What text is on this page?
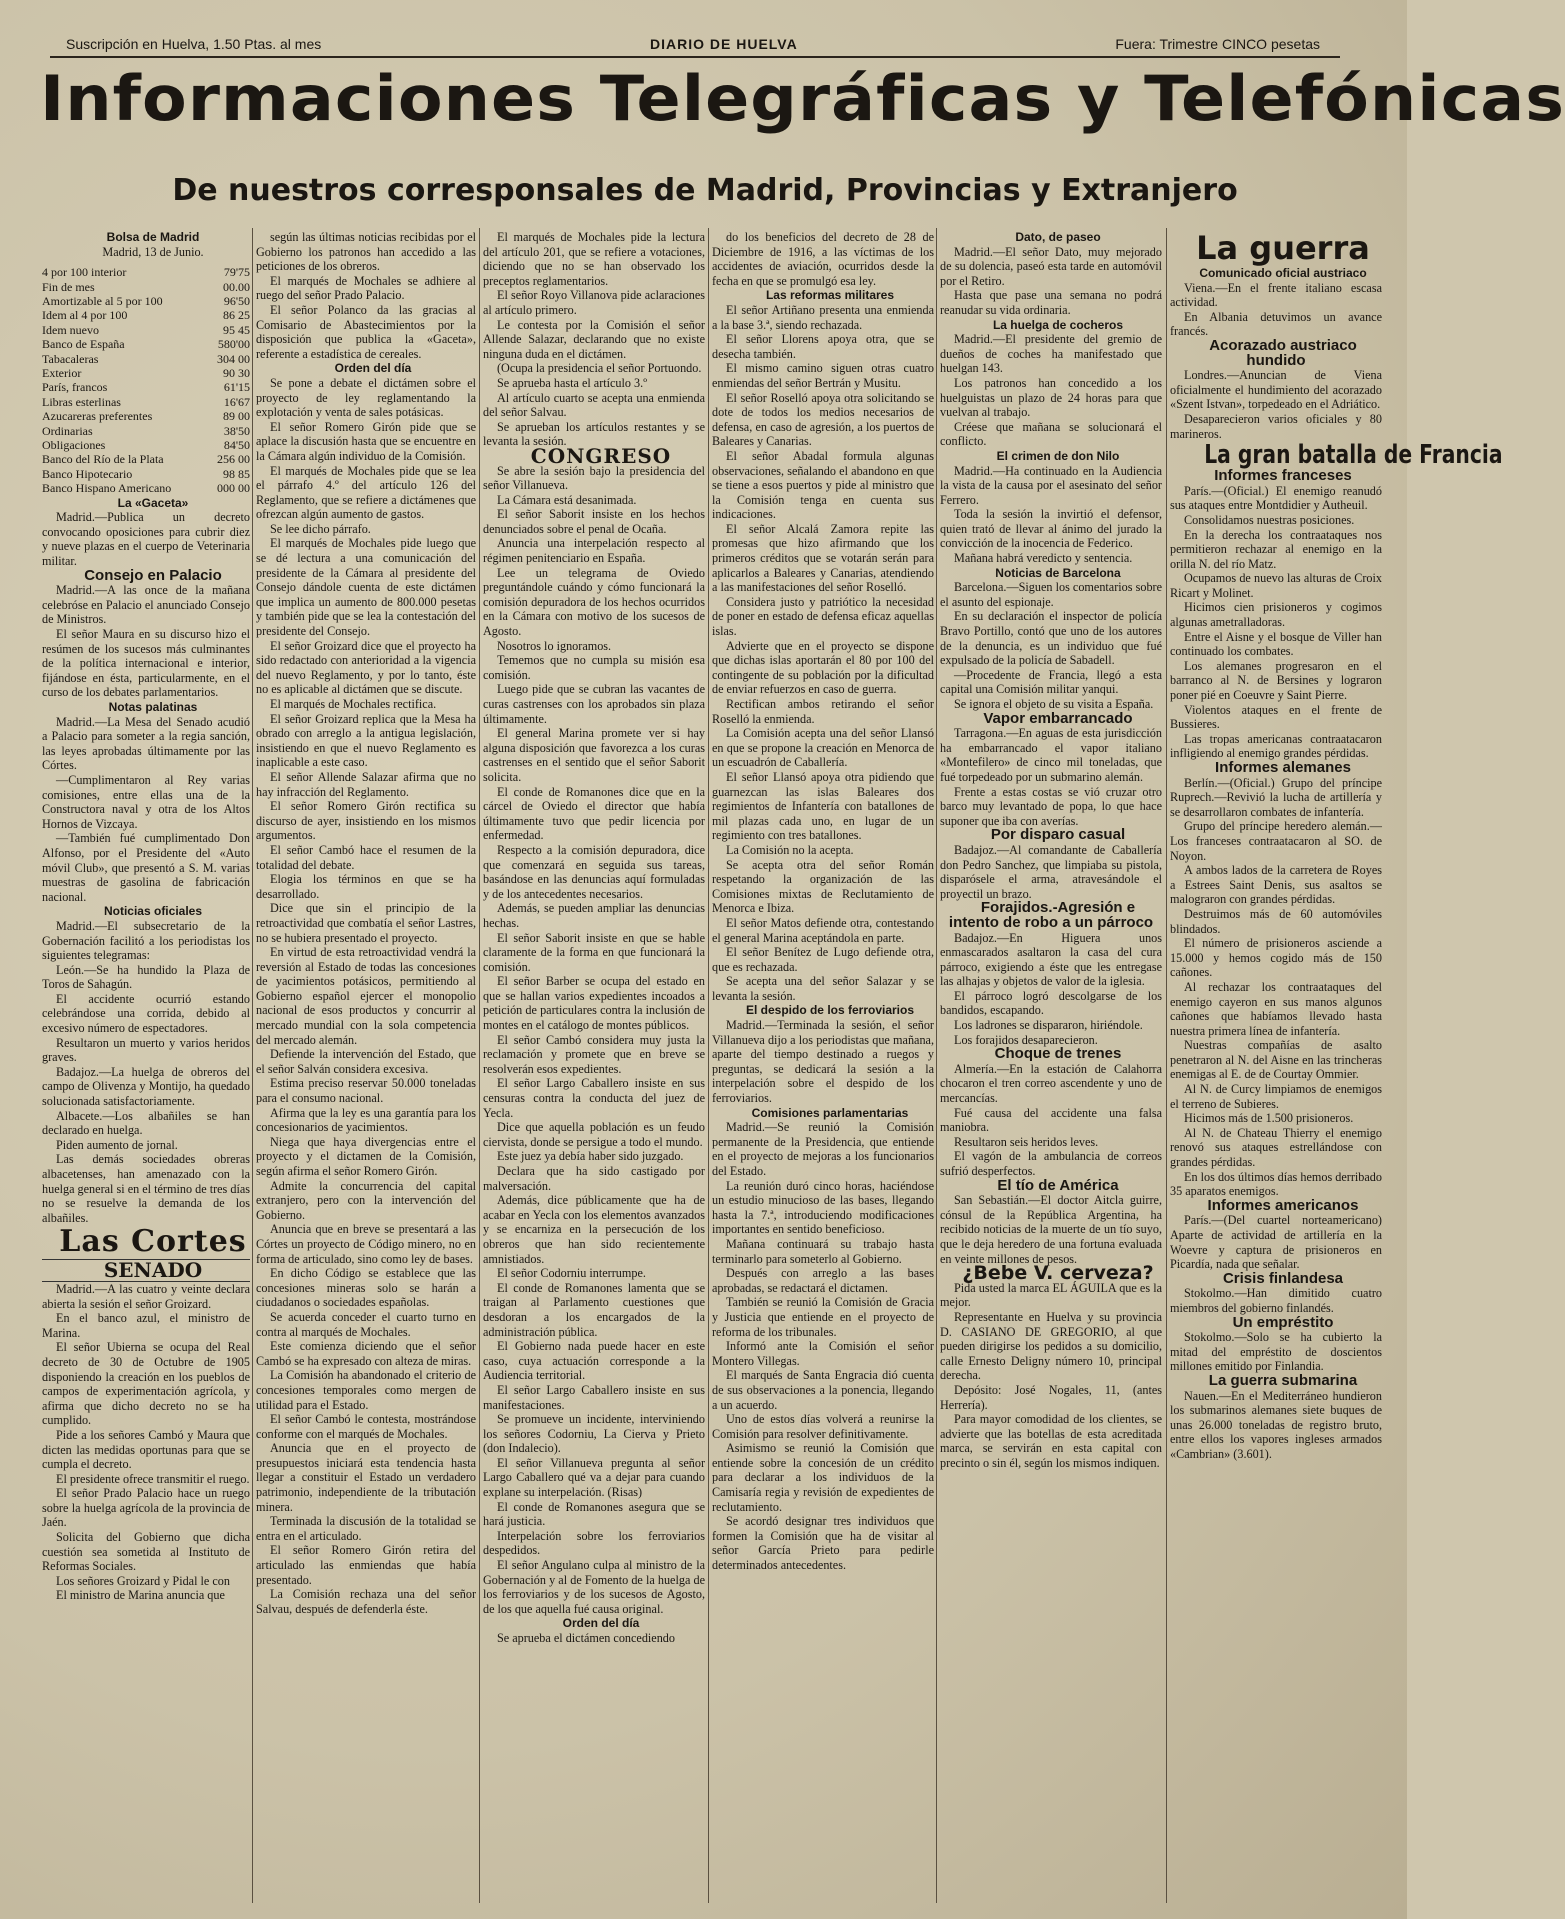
Suscripción en Huelva, 1.50 Ptas. al mes	DIARIO DE HUELVA	Fuera: Trimestre CINCO pesetas
Informaciones Telegráficas y Telefónicas
De nuestros corresponsales de Madrid, Provincias y Extranjero

Bolsa de Madrid

Madrid, 13 de Junio.

4 por 100 interior	79'75
Fin de mes	00.00
Amortizable al 5 por 100	96'50
Idem al 4 por 100	86 25
Idem nuevo	95 45
Banco de España	580'00
Tabacaleras	304 00
Exterior	90 30
París, francos	61'15
Libras esterlinas	16'67
Azucareras preferentes	89 00
Ordinarias	38'50
Obligaciones	84'50
Banco del Río de la Plata	256 00
Banco Hipotecario	98 85
Banco Hispano Americano	000 00

La «Gaceta»

Madrid.—Publica un decreto convocando oposiciones para cubrir diez y nueve plazas en el cuerpo de Veterinaria militar.

Consejo en Palacio

Madrid.—A las once de la mañana celebróse en Palacio el anunciado Consejo de Ministros.

El señor Maura en su discurso hizo el resúmen de los sucesos más culminantes de la política internacional e interior, fijándose en ésta, particularmente, en el curso de los debates parlamentarios.

Notas palatinas

Madrid.—La Mesa del Senado acudió a Palacio para someter a la regia sanción, las leyes aprobadas últimamente por las Córtes.

—Cumplimentaron al Rey varias comisiones, entre ellas una de la Constructora naval y otra de los Altos Hornos de Vizcaya.

—También fué cumplimentado Don Alfonso, por el Presidente del «Auto móvil Club», que presentó a S. M. varias muestras de gasolina de fabricación nacional.

Noticias oficiales

Madrid.—El subsecretario de la Gobernación facilitó a los periodistas los siguientes telegramas:

León.—Se ha hundido la Plaza de Toros de Sahagún.

El accidente ocurrió estando celebrándose una corrida, debido al excesivo número de espectadores.

Resultaron un muerto y varios heridos graves.

Badajoz.—La huelga de obreros del campo de Olivenza y Montijo, ha quedado solucionada satisfactoriamente.

Albacete.—Los albañiles se han declarado en huelga.

Piden aumento de jornal.

Las demás sociedades obreras albacetenses, han amenazado con la huelga general si en el término de tres días no se resuelve la demanda de los albañiles.

Las Cortes

SENADO

Madrid.—A las cuatro y veinte declara abierta la sesión el señor Groizard.

En el banco azul, el ministro de Marina.

El señor Ubierna se ocupa del Real decreto de 30 de Octubre de 1905 disponiendo la creación en los pueblos de campos de experimentación agrícola, y afirma que dicho decreto no se ha cumplido.

Pide a los señores Cambó y Maura que dicten las medidas oportunas para que se cumpla el decreto.

El presidente ofrece transmitir el ruego.

El señor Prado Palacio hace un ruego sobre la huelga agrícola de la provincia de Jaén.

Solicita del Gobierno que dicha cuestión sea sometida al Instituto de Reformas Sociales.

Los señores Groizard y Pidal le con

El ministro de Marina anuncia que

según las últimas noticias recibidas por el Gobierno los patronos han accedido a las peticiones de los obreros.

El marqués de Mochales se adhiere al ruego del señor Prado Palacio.

El señor Polanco da las gracias al Comisario de Abastecimientos por la disposición que publica la «Gaceta», referente a estadística de cereales.

Orden del día

Se pone a debate el dictámen sobre el proyecto de ley reglamentando la explotación y venta de sales potásicas.

El señor Romero Girón pide que se aplace la discusión hasta que se encuentre en la Cámara algún individuo de la Comisión.

El marqués de Mochales pide que se lea el párrafo 4.º del artículo 126 del Reglamento, que se refiere a dictámenes que ofrezcan algún aumento de gastos.

Se lee dicho párrafo.

El marqués de Mochales pide luego que se dé lectura a una comunicación del presidente de la Cámara al presidente del Consejo dándole cuenta de este dictámen que implica un aumento de 800.000 pesetas y también pide que se lea la contestación del presidente del Consejo.

El señor Groizard dice que el proyecto ha sido redactado con anterioridad a la vigencia del nuevo Reglamento, y por lo tanto, éste no es aplicable al dictámen que se discute.

El marqués de Mochales rectifica.

El señor Groizard replica que la Mesa ha obrado con arreglo a la antigua legislación, insistiendo en que el nuevo Reglamento es inaplicable a este caso.

El señor Allende Salazar afirma que no hay infracción del Reglamento.

El señor Romero Girón rectifica su discurso de ayer, insistiendo en los mismos argumentos.

El señor Cambó hace el resumen de la totalidad del debate.

Elogia los términos en que se ha desarrollado.

Dice que sin el principio de la retroactividad que combatía el señor Lastres, no se hubiera presentado el proyecto.

En virtud de esta retroactividad vendrá la reversión al Estado de todas las concesiones de yacimientos potásicos, permitiendo al Gobierno español ejercer el monopolio nacional de esos productos y concurrir al mercado mundial con la sola competencia del mercado alemán.

Defiende la intervención del Estado, que el señor Salván considera excesiva.

Estima preciso reservar 50.000 toneladas para el consumo nacional.

Afirma que la ley es una garantía para los concesionarios de yacimientos.

Niega que haya divergencias entre el proyecto y el dictamen de la Comisión, según afirma el señor Romero Girón.

Admite la concurrencia del capital extranjero, pero con la intervención del Gobierno.

Anuncia que en breve se presentará a las Córtes un proyecto de Código minero, no en forma de articulado, sino como ley de bases.

En dicho Código se establece que las concesiones mineras solo se harán a ciudadanos o sociedades españolas.

Se acuerda conceder el cuarto turno en contra al marqués de Mochales.

Este comienza diciendo que el señor Cambó se ha expresado con alteza de miras.

La Comisión ha abandonado el criterio de concesiones temporales como mergen de utilidad para el Estado.

El señor Cambó le contesta, mostrándose conforme con el marqués de Mochales.

Anuncia que en el proyecto de presupuestos iniciará esta tendencia hasta llegar a constituir el Estado un verdadero patrimonio, independiente de la tributación minera.

Terminada la discusión de la totalidad se entra en el articulado.

El señor Romero Girón retira del articulado las enmiendas que había presentado.

La Comisión rechaza una del señor Salvau, después de defenderla éste.

El marqués de Mochales pide la lectura del artículo 201, que se refiere a votaciones, diciendo que no se han observado los preceptos reglamentarios.

El señor Royo Villanova pide aclaraciones al artículo primero.

Le contesta por la Comisión el señor Allende Salazar, declarando que no existe ninguna duda en el dictámen.

(Ocupa la presidencia el señor Portuondo.

Se aprueba hasta el artículo 3.º

Al artículo cuarto se acepta una enmienda del señor Salvau.

Se aprueban los artículos restantes y se levanta la sesión.

CONGRESO

Se abre la sesión bajo la presidencia del señor Villanueva.

La Cámara está desanimada.

El señor Saborit insiste en los hechos denunciados sobre el penal de Ocaña.

Anuncia una interpelación respecto al régimen penitenciario en España.

Lee un telegrama de Oviedo preguntándole cuándo y cómo funcionará la comisión depuradora de los hechos ocurridos en la Cámara con motivo de los sucesos de Agosto.

Nosotros lo ignoramos.

Tememos que no cumpla su misión esa comisión.

Luego pide que se cubran las vacantes de curas castrenses con los aprobados sin plaza últimamente.

El general Marina promete ver si hay alguna disposición que favorezca a los curas castrenses en el sentido que el señor Saborit solicita.

El conde de Romanones dice que en la cárcel de Oviedo el director que había últimamente tuvo que pedir licencia por enfermedad.

Respecto a la comisión depuradora, dice que comenzará en seguida sus tareas, basándose en las denuncias aquí formuladas y de los antecedentes necesarios.

Además, se pueden ampliar las denuncias hechas.

El señor Saborit insiste en que se hable claramente de la forma en que funcionará la comisión.

El señor Barber se ocupa del estado en que se hallan varios expedientes incoados a petición de particulares contra la inclusión de montes en el catálogo de montes públicos.

El señor Cambó considera muy justa la reclamación y promete que en breve se resolverán esos expedientes.

El señor Largo Caballero insiste en sus censuras contra la conducta del juez de Yecla.

Dice que aquella población es un feudo ciervista, donde se persigue a todo el mundo.

Este juez ya debía haber sido juzgado.

Declara que ha sido castigado por malversación.

Además, dice públicamente que ha de acabar en Yecla con los elementos avanzados y se encarniza en la persecución de los obreros que han sido recientemente amnistiados.

El señor Codorniu interrumpe.

El conde de Romanones lamenta que se traigan al Parlamento cuestiones que desdoran a los encargados de la administración pública.

El Gobierno nada puede hacer en este caso, cuya actuación corresponde a la Audiencia territorial.

El señor Largo Caballero insiste en sus manifestaciones.

Se promueve un incidente, interviniendo los señores Codorniu, La Cierva y Prieto (don Indalecio).

El señor Villanueva pregunta al señor Largo Caballero qué va a dejar para cuando explane su interpelación. (Risas)

El conde de Romanones asegura que se hará justicia.

Interpelación sobre los ferroviarios despedidos.

El señor Angulano culpa al ministro de la Gobernación y al de Fomento de la huelga de los ferroviarios y de los sucesos de Agosto, de los que aquella fué causa original.

Orden del día

Se aprueba el dictámen concediendo

do los beneficios del decreto de 28 de Diciembre de 1916, a las víctimas de los accidentes de aviación, ocurridos desde la fecha en que se promulgó esa ley.

Las reformas militares

El señor Artiñano presenta una enmienda a la base 3.ª, siendo rechazada.

El señor Llorens apoya otra, que se desecha también.

El mismo camino siguen otras cuatro enmiendas del señor Bertrán y Musitu.

El señor Roselló apoya otra solicitando se dote de todos los medios necesarios de defensa, en caso de agresión, a los puertos de Baleares y Canarias.

El señor Abadal formula algunas observaciones, señalando el abandono en que se tiene a esos puertos y pide al ministro que la Comisión tenga en cuenta sus indicaciones.

El señor Alcalá Zamora repite las promesas que hizo afirmando que los primeros créditos que se votarán serán para aplicarlos a Baleares y Canarias, atendiendo a las manifestaciones del señor Roselló.

Considera justo y patriótico la necesidad de poner en estado de defensa eficaz aquellas islas.

Advierte que en el proyecto se dispone que dichas islas aportarán el 80 por 100 del contingente de su población por la dificultad de enviar refuerzos en caso de guerra.

Rectifican ambos retirando el señor Roselló la enmienda.

La Comisión acepta una del señor Llansó en que se propone la creación en Menorca de un escuadrón de Caballería.

El señor Llansó apoya otra pidiendo que guarnezcan las islas Baleares dos regimientos de Infantería con batallones de mil plazas cada uno, en lugar de un regimiento con tres batallones.

La Comisión no la acepta.

Se acepta otra del señor Román respetando la organización de las Comisiones mixtas de Reclutamiento de Menorca e Ibiza.

El señor Matos defiende otra, contestando el general Marina aceptándola en parte.

El señor Benítez de Lugo defiende otra, que es rechazada.

Se acepta una del señor Salazar y se levanta la sesión.

El despido de los ferroviarios

Madrid.—Terminada la sesión, el señor Villanueva dijo a los periodistas que mañana, aparte del tiempo destinado a ruegos y preguntas, se dedicará la sesión a la interpelación sobre el despido de los ferroviarios.

Comisiones parlamentarias

Madrid.—Se reunió la Comisión permanente de la Presidencia, que entiende en el proyecto de mejoras a los funcionarios del Estado.

La reunión duró cinco horas, haciéndose un estudio minucioso de las bases, llegando hasta la 7.ª, introduciendo modificaciones importantes en sentido beneficioso.

Mañana continuará su trabajo hasta terminarlo para someterlo al Gobierno.

Después con arreglo a las bases aprobadas, se redactará el dictamen.

También se reunió la Comisión de Gracia y Justicia que entiende en el proyecto de reforma de los tribunales.

Informó ante la Comisión el señor Montero Villegas.

El marqués de Santa Engracia dió cuenta de sus observaciones a la ponencia, llegando a un acuerdo.

Uno de estos días volverá a reunirse la Comisión para resolver definitivamente.

Asimismo se reunió la Comisión que entiende sobre la concesión de un crédito para declarar a los individuos de la Camisaría regia y revisión de expedientes de reclutamiento.

Se acordó designar tres individuos que formen la Comisión que ha de visitar al señor García Prieto para pedirle determinados antecedentes.

Dato, de paseo

Madrid.—El señor Dato, muy mejorado de su dolencia, paseó esta tarde en automóvil por el Retiro.

Hasta que pase una semana no podrá reanudar su vida ordinaria.

La huelga de cocheros

Madrid.—El presidente del gremio de dueños de coches ha manifestado que huelgan 143.

Los patronos han concedido a los huelguistas un plazo de 24 horas para que vuelvan al trabajo.

Créese que mañana se solucionará el conflicto.

El crimen de don Nilo

Madrid.—Ha continuado en la Audiencia la vista de la causa por el asesinato del señor Ferrero.

Toda la sesión la invirtió el defensor, quien trató de llevar al ánimo del jurado la convicción de la inocencia de Federico.

Mañana habrá veredicto y sentencia.

Noticias de Barcelona

Barcelona.—Siguen los comentarios sobre el asunto del espionaje.

En su declaración el inspector de policía Bravo Portillo, contó que uno de los autores de la denuncia, es un individuo que fué expulsado de la policía de Sabadell.

—Procedente de Francia, llegó a esta capital una Comisión militar yanqui.

Se ignora el objeto de su visita a España.

Vapor embarrancado

Tarragona.—En aguas de esta jurisdicción ha embarrancado el vapor italiano «Montefilero» de cinco mil toneladas, que fué torpedeado por un submarino alemán.

Frente a estas costas se vió cruzar otro barco muy levantado de popa, lo que hace suponer que iba con averías.

Por disparo casual

Badajoz.—Al comandante de Caballería don Pedro Sanchez, que limpiaba su pistola, disparósele el arma, atravesándole el proyectil un brazo.

Forajidos.-Agresión e intento de robo a un párroco

Badajoz.—En Higuera unos enmascarados asaltaron la casa del cura párroco, exigiendo a éste que les entregase las alhajas y objetos de valor de la iglesia.

El párroco logró descolgarse de los bandidos, escapando.

Los ladrones se dispararon, hiriéndole.

Los forajidos desaparecieron.

Choque de trenes

Almería.—En la estación de Calahorra chocaron el tren correo ascendente y uno de mercancías.

Fué causa del accidente una falsa maniobra.

Resultaron seis heridos leves.

El vagón de la ambulancia de correos sufrió desperfectos.

El tío de América

San Sebastián.—El doctor Aitcla guirre, cónsul de la República Argentina, ha recibido noticias de la muerte de un tío suyo, que le deja heredero de una fortuna evaluada en veinte millones de pesos.

¿Bebe V. cerveza?

Pida usted la marca EL ÁGUILA que es la mejor.

Representante en Huelva y su provincia D. CASIANO DE GREGORIO, al que pueden dirigirse los pedidos a su domicilio, calle Ernesto Deligny número 10, principal derecha.

Depósito: José Nogales, 11, (antes Herrería).

Para mayor comodidad de los clientes, se advierte que las botellas de esta acreditada marca, se servirán en esta capital con precinto o sin él, según los mismos indiquen.

La guerra

Comunicado oficial austriaco

Viena.—En el frente italiano escasa actividad.

En Albania detuvimos un avance francés.

Acorazado austriaco hundido

Londres.—Anuncian de Viena oficialmente el hundimiento del acorazado «Szent Istvan», torpedeado en el Adriático.

Desaparecieron varios oficiales y 80 marineros.

La gran batalla de Francia

Informes franceses

París.—(Oficial.) El enemigo reanudó sus ataques entre Montdidier y Autheuil.

Consolidamos nuestras posiciones.

En la derecha los contraataques nos permitieron rechazar al enemigo en la orilla N. del río Matz.

Ocupamos de nuevo las alturas de Croix Ricart y Molinet.

Hicimos cien prisioneros y cogimos algunas ametralladoras.

Entre el Aisne y el bosque de Viller han continuado los combates.

Los alemanes progresaron en el barranco al N. de Bersines y lograron poner pié en Coeuvre y Saint Pierre.

Violentos ataques en el frente de Bussieres.

Las tropas americanas contraatacaron infligiendo al enemigo grandes pérdidas.

Informes alemanes

Berlín.—(Oficial.) Grupo del príncipe Ruprech.—Revivió la lucha de artillería y se desarrollaron combates de infantería.

Grupo del príncipe heredero alemán.—Los franceses contraatacaron al SO. de Noyon.

A ambos lados de la carretera de Royes a Estrees Saint Denis, sus asaltos se malograron con grandes pérdidas.

Destruimos más de 60 automóviles blindados.

El número de prisioneros asciende a 15.000 y hemos cogido más de 150 cañones.

Al rechazar los contraataques del enemigo cayeron en sus manos algunos cañones que habíamos llevado hasta nuestra primera línea de infantería.

Nuestras compañías de asalto penetraron al N. del Aisne en las trincheras enemigas al E. de de Courtay Ommier.

Al N. de Curcy limpiamos de enemigos el terreno de Subieres.

Hicimos más de 1.500 prisioneros.

Al N. de Chateau Thierry el enemigo renovó sus ataques estrellándose con grandes pérdidas.

En los dos últimos días hemos derribado 35 aparatos enemigos.

Informes americanos

París.—(Del cuartel norteamericano) Aparte de actividad de artillería en la Woevre y captura de prisioneros en Picardía, nada que señalar.

Crisis finlandesa

Stokolmo.—Han dimitido cuatro miembros del gobierno finlandés.

Un empréstito

Stokolmo.—Solo se ha cubierto la mitad del empréstito de doscientos millones emitido por Finlandia.

La guerra submarina

Nauen.—En el Mediterráneo hundieron los submarinos alemanes siete buques de unas 26.000 toneladas de registro bruto, entre ellos los vapores ingleses armados «Cambrian» (3.601).
